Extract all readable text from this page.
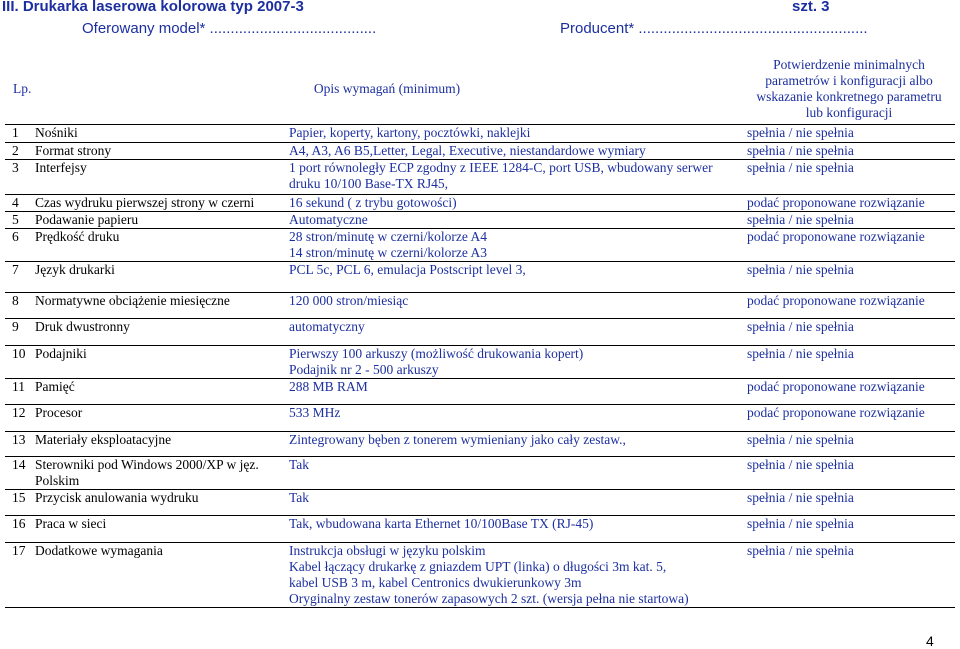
III. Drukarka laserowa kolorowa typ 2007-3	szt. 3
Oferowany model* ........................................	Producent* .......................................................
Lp.	Opis wymagań (minimum)		Potwierdzenie minimalnych
parametrów i konfiguracji albo
wskazanie konkretnego parametru
lub konfiguracji

1	Nośniki	Papier, koperty, kartony, pocztówki, naklejki	spełnia / nie spełnia
2	Format strony	A4, A3, A6 B5,Letter, Legal, Executive, niestandardowe wymiary	spełnia / nie spełnia
3	Interfejsy	1 port równoległy ECP zgodny z IEEE 1284-C, port USB, wbudowany serwer
druku 10/100 Base-TX RJ45,	spełnia / nie spełnia
4	Czas wydruku pierwszej strony w czerni	16 sekund ( z trybu gotowości)	podać proponowane rozwiązanie
5	Podawanie papieru	Automatyczne	spełnia / nie spełnia
6	Prędkość druku	28 stron/minutę w czerni/kolorze A4
14 stron/minutę w czerni/kolorze A3	podać proponowane rozwiązanie
7	Język drukarki	PCL 5c, PCL 6, emulacja Postscript level 3,	spełnia / nie spełnia
8	Normatywne obciążenie miesięczne	120 000 stron/miesiąc	podać proponowane rozwiązanie
9	Druk dwustronny	automatyczny	spełnia / nie spełnia
10	Podajniki	Pierwszy 100 arkuszy (możliwość drukowania kopert)
Podajnik nr 2 - 500 arkuszy	spełnia / nie spełnia
11	Pamięć	288 MB RAM	podać proponowane rozwiązanie
12	Procesor	533 MHz	podać proponowane rozwiązanie
13	Materiały eksploatacyjne	Zintegrowany bęben z tonerem wymieniany jako cały zestaw.,	spełnia / nie spełnia
14	Sterowniki pod Windows 2000/XP w jęz.
Polskim	Tak	spełnia / nie spełnia
15	Przycisk anulowania wydruku	Tak	spełnia / nie spełnia
16	Praca w sieci	Tak, wbudowana karta Ethernet 10/100Base TX (RJ-45)	spełnia / nie spełnia
17	Dodatkowe wymagania	Instrukcja obsługi w języku polskim
Kabel łączący drukarkę z gniazdem UPT (linka) o długości 3m kat. 5,
kabel USB 3 m, kabel Centronics dwukierunkowy 3m
Oryginalny zestaw tonerów zapasowych 2 szt. (wersja pełna nie startowa)	spełnia / nie spełnia
4
